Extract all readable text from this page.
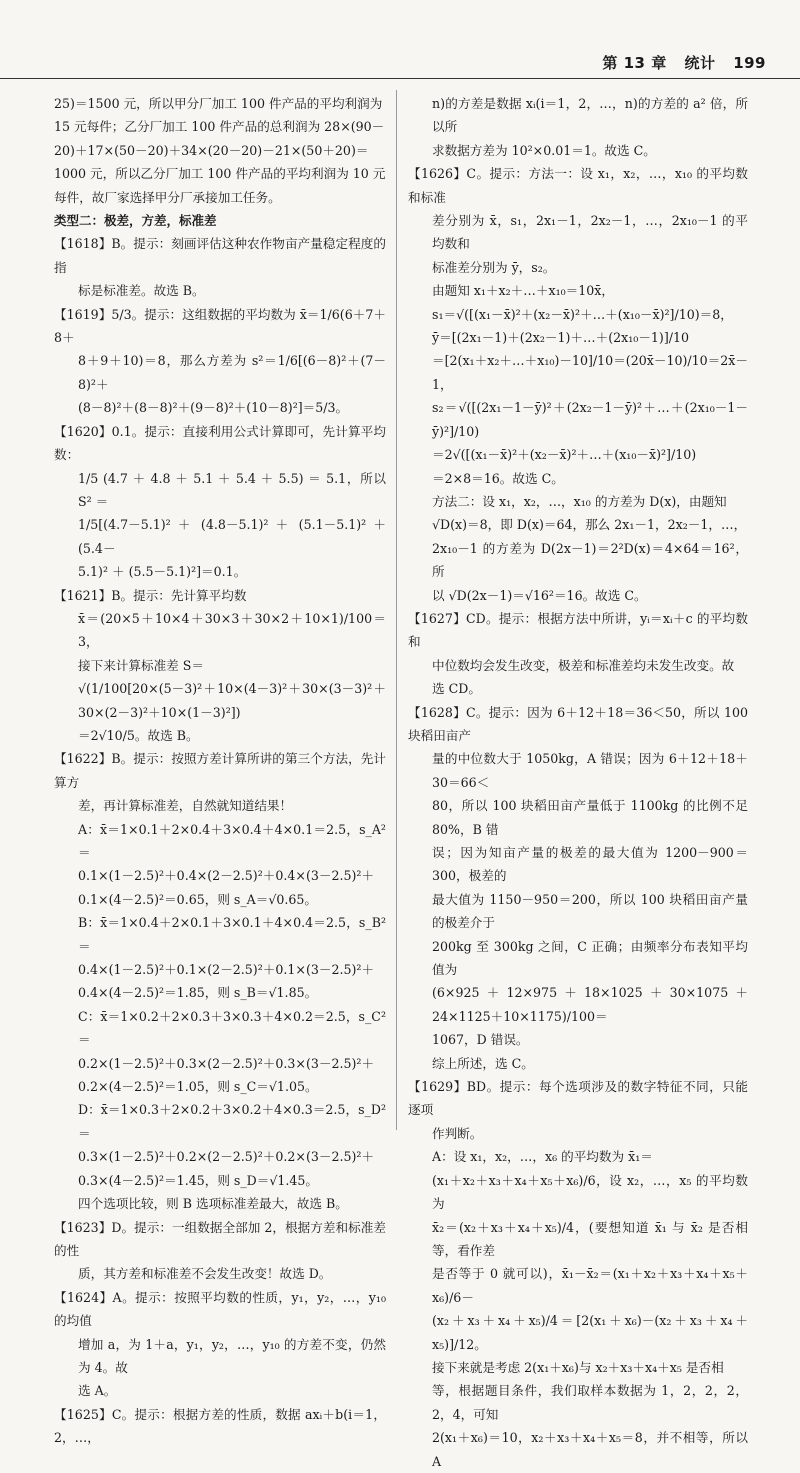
第 13 章 统计 199

25)＝1500 元，所以甲分厂加工 100 件产品的平均利润为

15 元每件；乙分厂加工 100 件产品的总利润为 28×(90－

20)＋17×(50－20)＋34×(20－20)－21×(50＋20)＝

1000 元，所以乙分厂加工 100 件产品的平均利润为 10 元

每件，故厂家选择甲分厂承接加工任务。

类型二：极差，方差，标准差

【1618】B。提示：刻画评估这种农作物亩产量稳定程度的指

标是标准差。故选 B。

【1619】5/3。提示：这组数据的平均数为 x̄＝1/6(6＋7＋8＋

8＋9＋10)＝8，那么方差为 s²＝1/6[(6－8)²＋(7－8)²＋

(8－8)²＋(8－8)²＋(9－8)²＋(10－8)²]＝5/3。

【1620】0.1。提示：直接利用公式计算即可，先计算平均数：

1/5 (4.7 ＋ 4.8 ＋ 5.1 ＋ 5.4 ＋ 5.5) ＝ 5.1，所以 S² ＝

1/5[(4.7－5.1)² ＋ (4.8－5.1)² ＋ (5.1－5.1)² ＋ (5.4－

5.1)² ＋ (5.5－5.1)²]＝0.1。

【1621】B。提示：先计算平均数

x̄＝(20×5＋10×4＋30×3＋30×2＋10×1)/100＝3，

接下来计算标准差 S＝

√(1/100[20×(5－3)²＋10×(4－3)²＋30×(3－3)²＋30×(2－3)²＋10×(1－3)²])

＝2√10/5。故选 B。

【1622】B。提示：按照方差计算所讲的第三个方法，先计算方

差，再计算标准差，自然就知道结果！

A：x̄＝1×0.1＋2×0.4＋3×0.4＋4×0.1＝2.5，s_A²＝

0.1×(1－2.5)²＋0.4×(2－2.5)²＋0.4×(3－2.5)²＋

0.1×(4－2.5)²＝0.65，则 s_A＝√0.65。

B：x̄＝1×0.4＋2×0.1＋3×0.1＋4×0.4＝2.5，s_B²＝

0.4×(1－2.5)²＋0.1×(2－2.5)²＋0.1×(3－2.5)²＋

0.4×(4－2.5)²＝1.85，则 s_B＝√1.85。

C：x̄＝1×0.2＋2×0.3＋3×0.3＋4×0.2＝2.5，s_C²＝

0.2×(1－2.5)²＋0.3×(2－2.5)²＋0.3×(3－2.5)²＋

0.2×(4－2.5)²＝1.05，则 s_C＝√1.05。

D：x̄＝1×0.3＋2×0.2＋3×0.2＋4×0.3＝2.5，s_D²＝

0.3×(1－2.5)²＋0.2×(2－2.5)²＋0.2×(3－2.5)²＋

0.3×(4－2.5)²＝1.45，则 s_D＝√1.45。

四个选项比较，则 B 选项标准差最大，故选 B。

【1623】D。提示：一组数据全部加 2，根据方差和标准差的性

质，其方差和标准差不会发生改变！故选 D。

【1624】A。提示：按照平均数的性质，y₁，y₂，…，y₁₀ 的均值

增加 a，为 1＋a，y₁，y₂，…，y₁₀ 的方差不变，仍然为 4。故

选 A。

【1625】C。提示：根据方差的性质，数据 axᵢ＋b(i＝1，2，…，

n)的方差是数据 xᵢ(i＝1，2，…，n)的方差的 a² 倍，所以所

求数据方差为 10²×0.01＝1。故选 C。

【1626】C。提示：方法一：设 x₁，x₂，…，x₁₀ 的平均数和标准

差分别为 x̄，s₁，2x₁－1，2x₂－1，…，2x₁₀－1 的平均数和

标准差分别为 ȳ，s₂。

由题知 x₁＋x₂＋…＋x₁₀＝10x̄，

s₁＝√([(x₁－x̄)²＋(x₂－x̄)²＋…＋(x₁₀－x̄)²]/10)＝8，

ȳ＝[(2x₁－1)＋(2x₂－1)＋…＋(2x₁₀－1)]/10

＝[2(x₁＋x₂＋…＋x₁₀)－10]/10＝(20x̄－10)/10＝2x̄－1，

s₂＝√([(2x₁－1－ȳ)²＋(2x₂－1－ȳ)²＋…＋(2x₁₀－1－ȳ)²]/10)

＝2√([(x₁－x̄)²＋(x₂－x̄)²＋…＋(x₁₀－x̄)²]/10)

＝2×8＝16。故选 C。

方法二：设 x₁，x₂，…，x₁₀ 的方差为 D(x)，由题知

√D(x)＝8，即 D(x)＝64，那么 2x₁－1，2x₂－1，…，

2x₁₀－1 的方差为 D(2x－1)＝2²D(x)＝4×64＝16²，所

以 √D(2x－1)＝√16²＝16。故选 C。

【1627】CD。提示：根据方法中所讲，yᵢ＝xᵢ＋c 的平均数和

中位数均会发生改变，极差和标准差均未发生改变。故

选 CD。

【1628】C。提示：因为 6＋12＋18＝36＜50，所以 100 块稻田亩产

量的中位数大于 1050kg，A 错误；因为 6＋12＋18＋30＝66＜

80，所以 100 块稻田亩产量低于 1100kg 的比例不足 80%，B 错

误；因为知亩产量的极差的最大值为 1200－900＝300，极差的

最大值为 1150－950＝200，所以 100 块稻田亩产量的极差介于

200kg 至 300kg 之间，C 正确；由频率分布表知平均值为

(6×925＋12×975＋18×1025＋30×1075＋24×1125＋10×1175)/100＝

1067，D 错误。

综上所述，选 C。

【1629】BD。提示：每个选项涉及的数字特征不同，只能逐项

作判断。

A：设 x₁，x₂，…，x₆ 的平均数为 x̄₁＝

(x₁＋x₂＋x₃＋x₄＋x₅＋x₆)/6，设 x₂，…，x₅ 的平均数为

x̄₂＝(x₂＋x₃＋x₄＋x₅)/4，(要想知道 x̄₁ 与 x̄₂ 是否相等，看作差

是否等于 0 就可以)，x̄₁－x̄₂＝(x₁＋x₂＋x₃＋x₄＋x₅＋x₆)/6－

(x₂＋x₃＋x₄＋x₅)/4＝[2(x₁＋x₆)－(x₂＋x₃＋x₄＋x₅)]/12。

接下来就是考虑 2(x₁＋x₆)与 x₂＋x₃＋x₄＋x₅ 是否相

等，根据题目条件，我们取样本数据为 1，2，2，2，2，4，可知

2(x₁＋x₆)＝10，x₂＋x₃＋x₄＋x₅＝8，并不相等，所以 A
